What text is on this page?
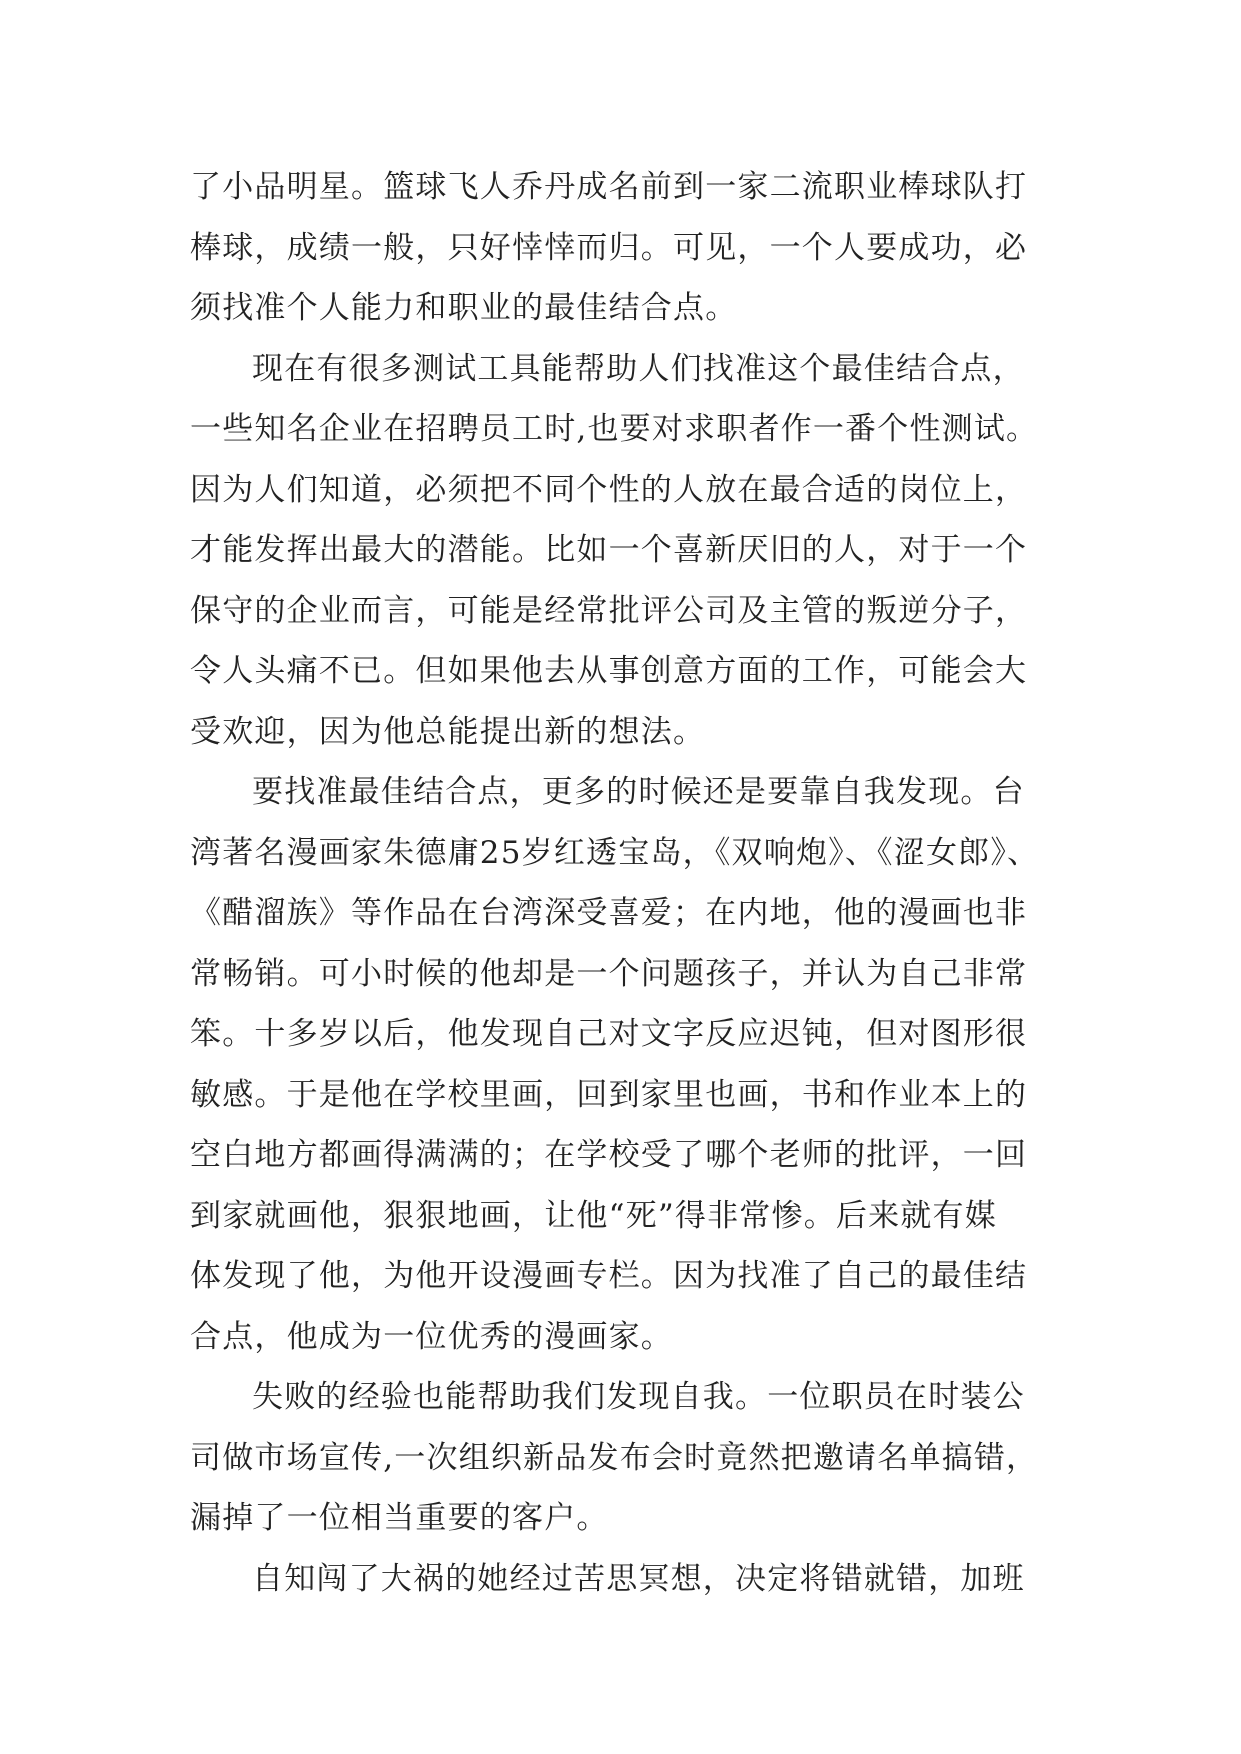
了小品明星。篮球飞人乔丹成名前到一家二流职业棒球队打
棒球，成绩一般，只好悻悻而归。可见，一个人要成功，必
须找准个人能力和职业的最佳结合点。
现在有很多测试工具能帮助人们找准这个最佳结合点，
一些知名企业在招聘员工时,也要对求职者作一番个性测试。
因为人们知道，必须把不同个性的人放在最合适的岗位上，
才能发挥出最大的潜能。比如一个喜新厌旧的人，对于一个
保守的企业而言，可能是经常批评公司及主管的叛逆分子，
令人头痛不已。但如果他去从事创意方面的工作，可能会大
受欢迎，因为他总能提出新的想法。
要找准最佳结合点，更多的时候还是要靠自我发现。台
湾著名漫画家朱德庸25岁红透宝岛，《双响炮》、《涩女郎》、
《醋溜族》等作品在台湾深受喜爱；在内地，他的漫画也非
常畅销。可小时候的他却是一个问题孩子，并认为自己非常
笨。十多岁以后，他发现自己对文字反应迟钝，但对图形很
敏感。于是他在学校里画，回到家里也画，书和作业本上的
空白地方都画得满满的；在学校受了哪个老师的批评，一回
到家就画他，狠狠地画，让他“死”得非常惨。后来就有媒
体发现了他，为他开设漫画专栏。因为找准了自己的最佳结
合点，他成为一位优秀的漫画家。
失败的经验也能帮助我们发现自我。一位职员在时装公
司做市场宣传,一次组织新品发布会时竟然把邀请名单搞错，
漏掉了一位相当重要的客户。
自知闯了大祸的她经过苦思冥想，决定将错就错，加班
